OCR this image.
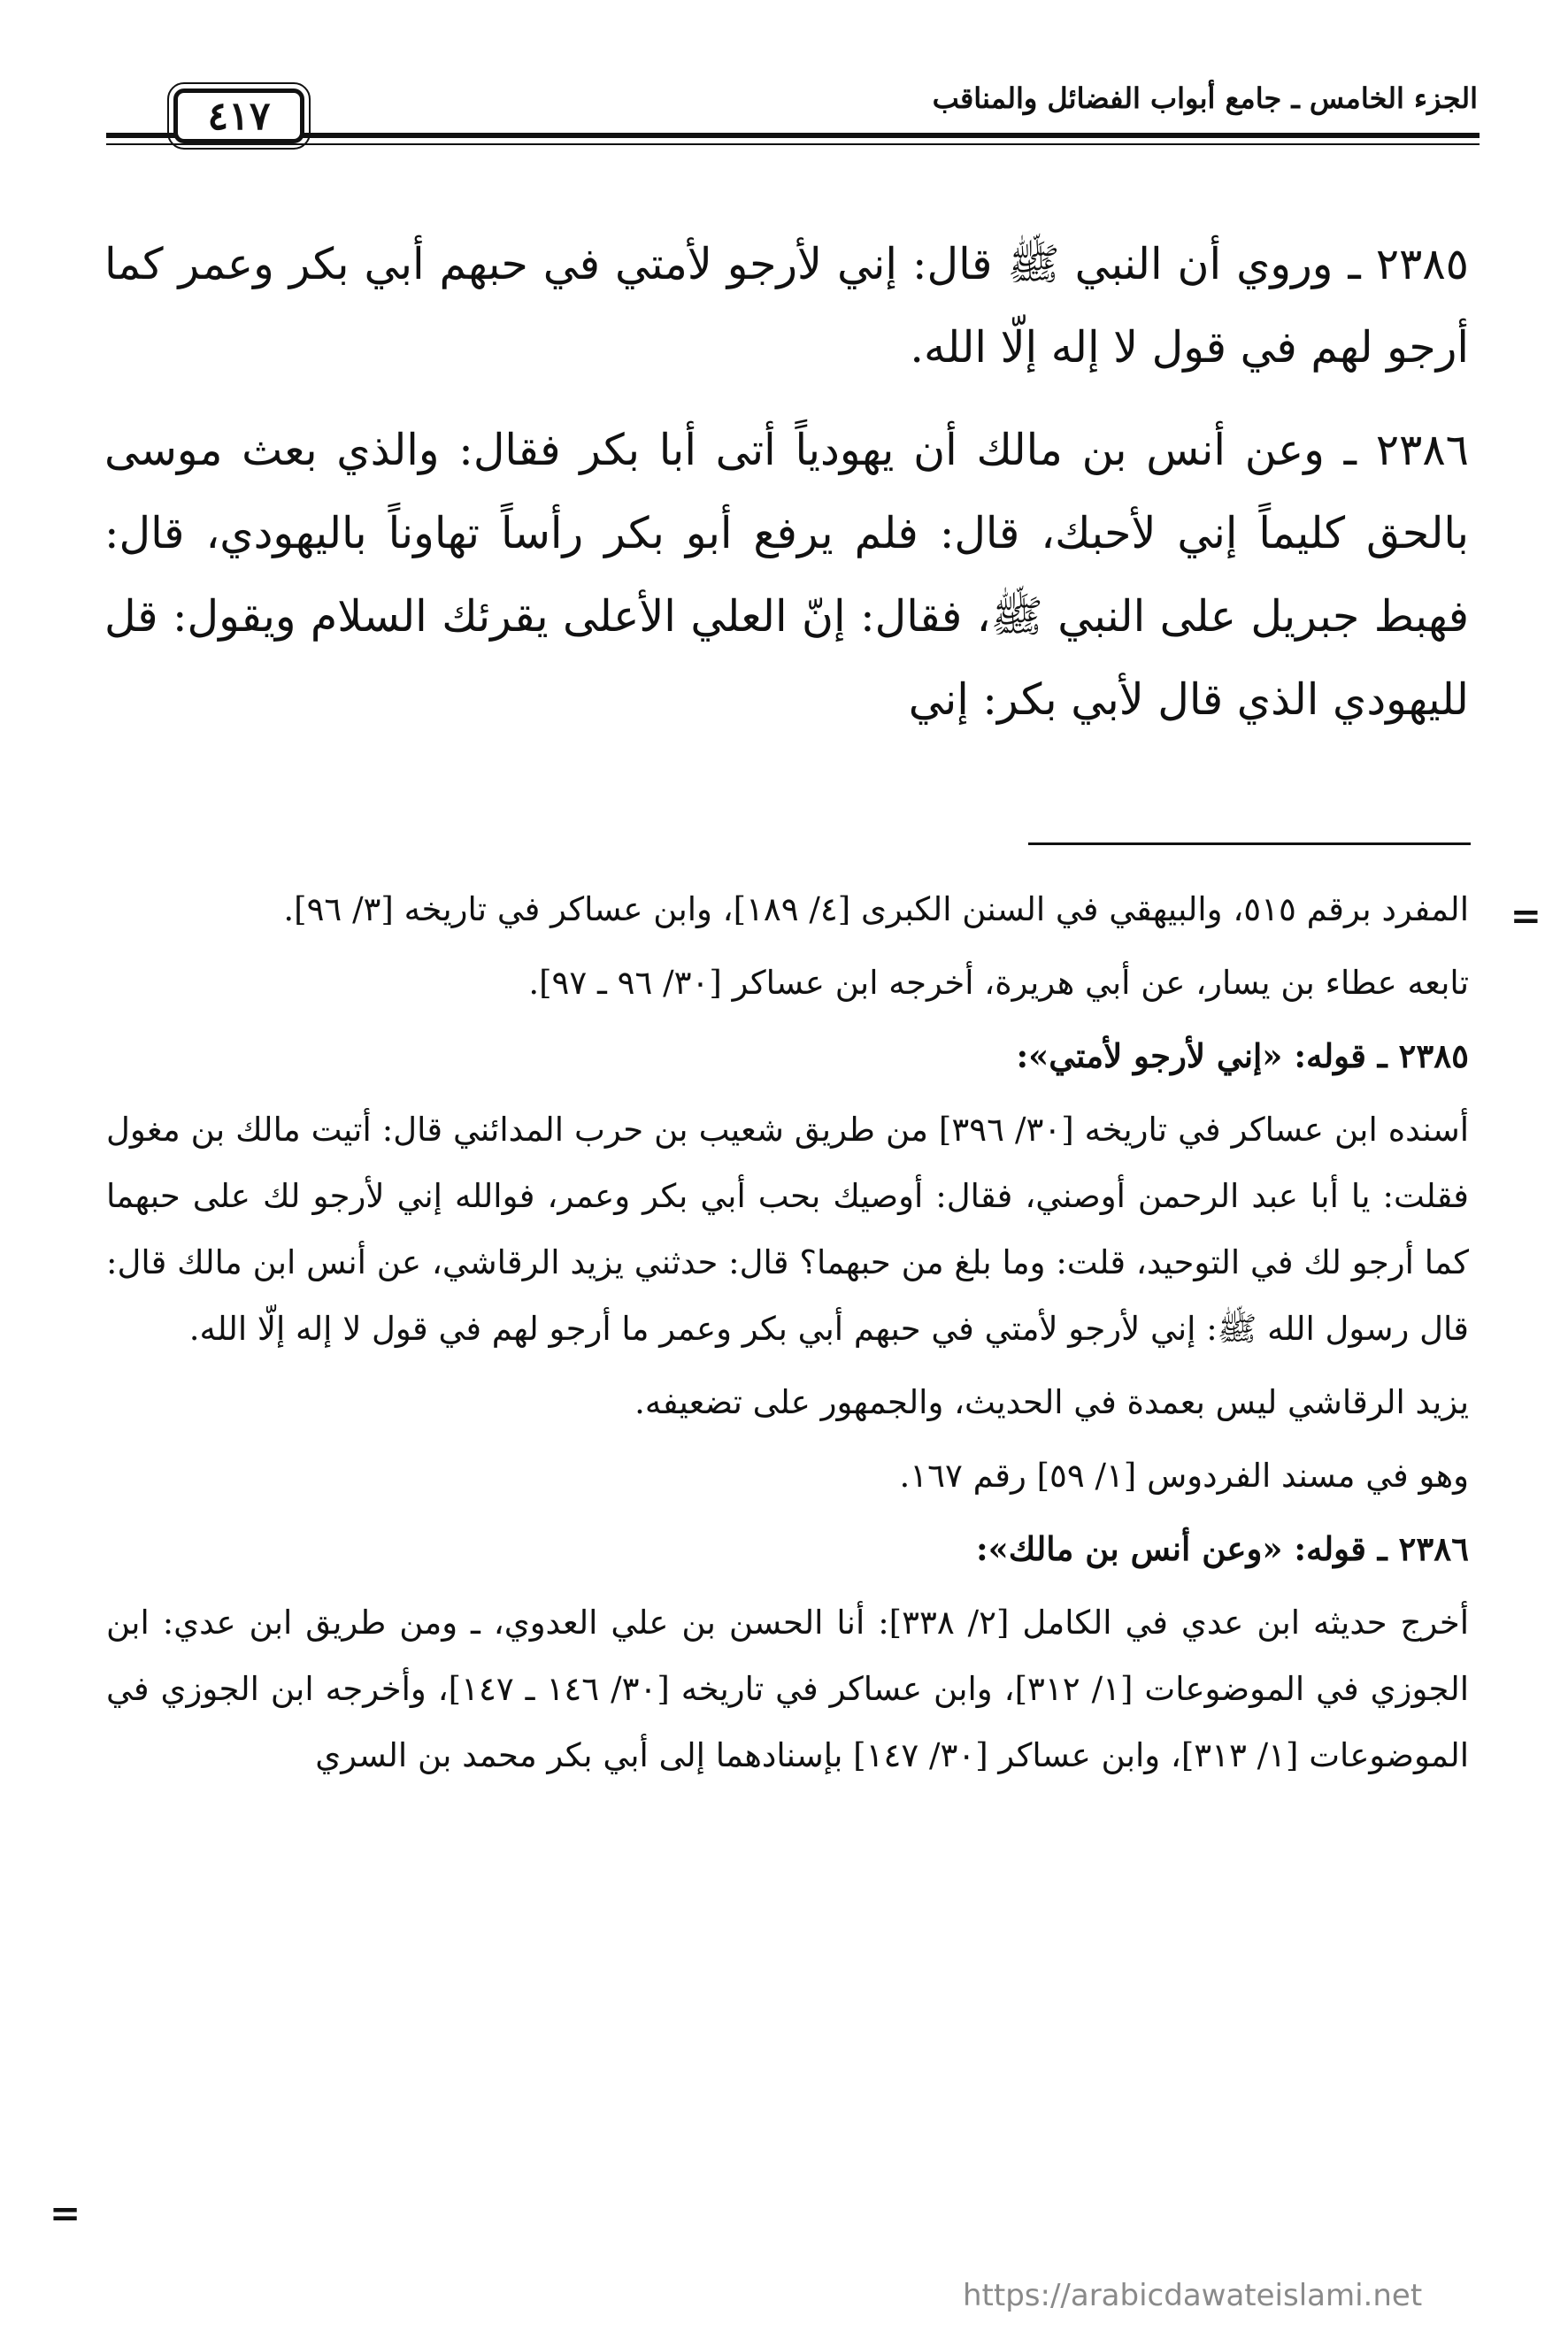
الجزء الخامس ـ جامع أبواب الفضائل والمناقب
٤١٧

٢٣٨٥ ـ وروي أن النبي ﷺ قال: إني لأرجو لأمتي في حبهم أبي بكر وعمر كما أرجو لهم في قول لا إله إلّا الله.

٢٣٨٦ ـ وعن أنس بن مالك أن يهودياً أتى أبا بكر فقال: والذي بعث موسى بالحق كليماً إني لأحبك، قال: فلم يرفع أبو بكر رأساً تهاوناً باليهودي، قال: فهبط جبريل على النبي ﷺ، فقال: إنّ العلي الأعلى يقرئك السلام ويقول: قل لليهودي الذي قال لأبي بكر: إني

=

المفرد برقم ٥١٥، والبيهقي في السنن الكبرى [٤/ ١٨٩]، وابن عساكر في تاريخه [٣/ ٩٦].

تابعه عطاء بن يسار، عن أبي هريرة، أخرجه ابن عساكر [٣٠/ ٩٦ ـ ٩٧].

٢٣٨٥ ـ قوله: «إني لأرجو لأمتي»:

أسنده ابن عساكر في تاريخه [٣٠/ ٣٩٦] من طريق شعيب بن حرب المدائني قال: أتيت مالك بن مغول فقلت: يا أبا عبد الرحمن أوصني، فقال: أوصيك بحب أبي بكر وعمر، فوالله إني لأرجو لك على حبهما كما أرجو لك في التوحيد، قلت: وما بلغ من حبهما؟ قال: حدثني يزيد الرقاشي، عن أنس ابن مالك قال: قال رسول الله ﷺ: إني لأرجو لأمتي في حبهم أبي بكر وعمر ما أرجو لهم في قول لا إله إلّا الله.

يزيد الرقاشي ليس بعمدة في الحديث، والجمهور على تضعيفه.

وهو في مسند الفردوس [١/ ٥٩] رقم ١٦٧.

٢٣٨٦ ـ قوله: «وعن أنس بن مالك»:

أخرج حديثه ابن عدي في الكامل [٢/ ٣٣٨]: أنا الحسن بن علي العدوي، ـ ومن طريق ابن عدي: ابن الجوزي في الموضوعات [١/ ٣١٢]، وابن عساكر في تاريخه [٣٠/ ١٤٦ ـ ١٤٧]، وأخرجه ابن الجوزي في الموضوعات [١/ ٣١٣]، وابن عساكر [٣٠/ ١٤٧] بإسنادهما إلى أبي بكر محمد بن السري

=
https://arabicdawateislami.net
